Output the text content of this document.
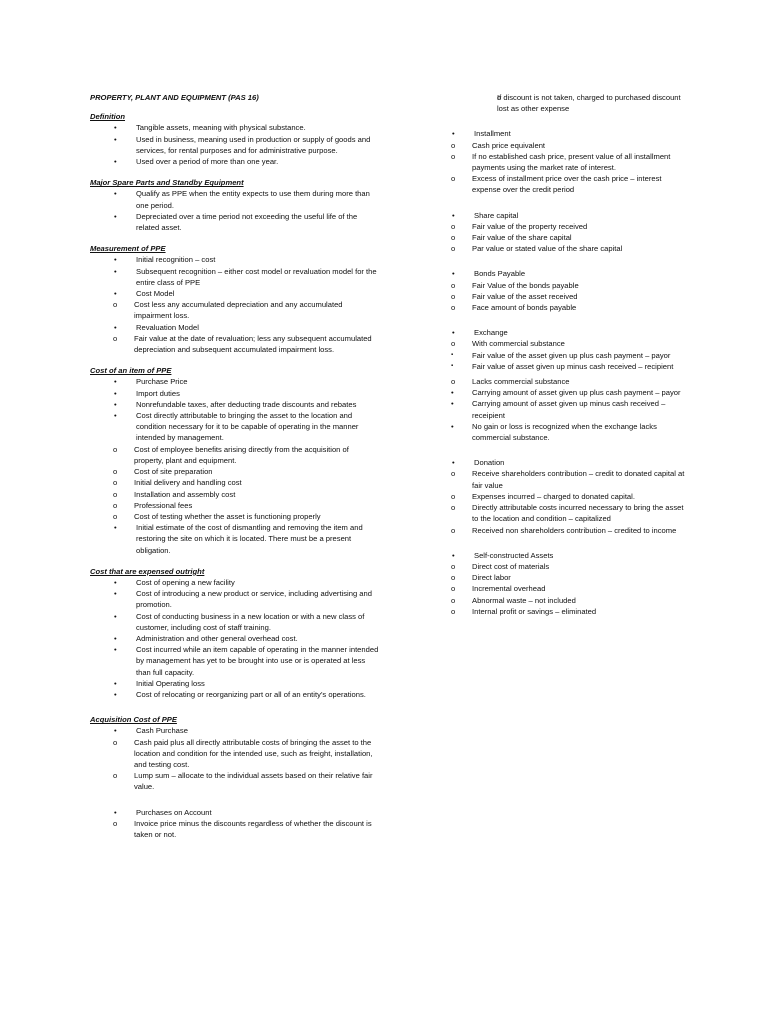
PROPERTY, PLANT AND EQUIPMENT (PAS 16)

Definition

• Tangible assets, meaning with physical substance.
• Used in business, meaning used in production or supply of goods and services, for rental purposes and for administrative purpose.
• Used over a period of more than one year.

Major Spare Parts and Standby Equipment

• Qualify as PPE when the entity expects to use them during more than one period.
• Depreciated over a time period not exceeding the useful life of the related asset.

Measurement of PPE

• Initial recognition – cost
• Subsequent recognition – either cost model or revaluation model for the entire class of PPE
• Cost Model
o Cost less any accumulated depreciation and any accumulated impairment loss.
• Revaluation Model
o Fair value at the date of revaluation; less any subsequent accumulated depreciation and subsequent accumulated impairment loss.

Cost of an item of PPE

• Purchase Price
• Import duties
• Nonrefundable taxes, after deducting trade discounts and rebates
• Cost directly attributable to bringing the asset to the location and condition necessary for it to be capable of operating in the manner intended by management.
o Cost of employee benefits arising directly from the acquisition of property, plant and equipment.
o Cost of site preparation
o Initial delivery and handling cost
o Installation and assembly cost
o Professional fees
o Cost of testing whether the asset is functioning properly
• Initial estimate of the cost of dismantling and removing the item and restoring the site on which it is located. There must be a present obligation.

Cost that are expensed outright

• Cost of opening a new facility
• Cost of introducing a new product or service, including advertising and promotion.
• Cost of conducting business in a new location or with a new class of customer, including cost of staff training.
• Administration and other general overhead cost.
• Cost incurred while an item capable of operating in the manner intended by management has yet to be brought into use or is operated at less than full capacity.
• Initial Operating loss
• Cost of relocating or reorganizing part or all of an entity’s operations.

Acquisition Cost of PPE

• Cash Purchase
o Cash paid plus all directly attributable costs of bringing the asset to the location and condition for the intended use, such as freight, installation, and testing cost.
o Lump sum – allocate to the individual assets based on their relative fair value.
• Purchases on Account
o Invoice price minus the discounts regardless of whether the discount is taken or not.
o If discount is not taken, charged to purchased discount lost as other expense
• Installment
o Cash price equivalent
o If no established cash price, present value of all installment payments using the market rate of interest.
o Excess of installment price over the cash price – interest expense over the credit period
• Share capital
o Fair value of the property received
o Fair value of the share capital
o Par value or stated value of the share capital
• Bonds Payable
o Fair Value of the bonds payable
o Fair value of the asset received
o Face amount of bonds payable
• Exchange
o With commercial substance
▪ Fair value of the asset given up plus cash payment – payor
▪ Fair value of asset given up minus cash received – recipient
o Lacks commercial substance
• Carrying amount of asset given up plus cash payment – payor
• Carrying amount of asset given up minus cash received – receipient
• No gain or loss is recognized when the exchange lacks commercial substance.
• Donation
o Receive shareholders contribution – credit to donated capital at fair value
o Expenses incurred – charged to donated capital.
o Directly attributable costs incurred necessary to bring the asset to the location and condition – capitalized
o Received non shareholders contribution – credited to income
• Self-constructed Assets
o Direct cost of materials
o Direct labor
o Incremental overhead
o Abnormal waste – not included
o Internal profit or savings – eliminated
